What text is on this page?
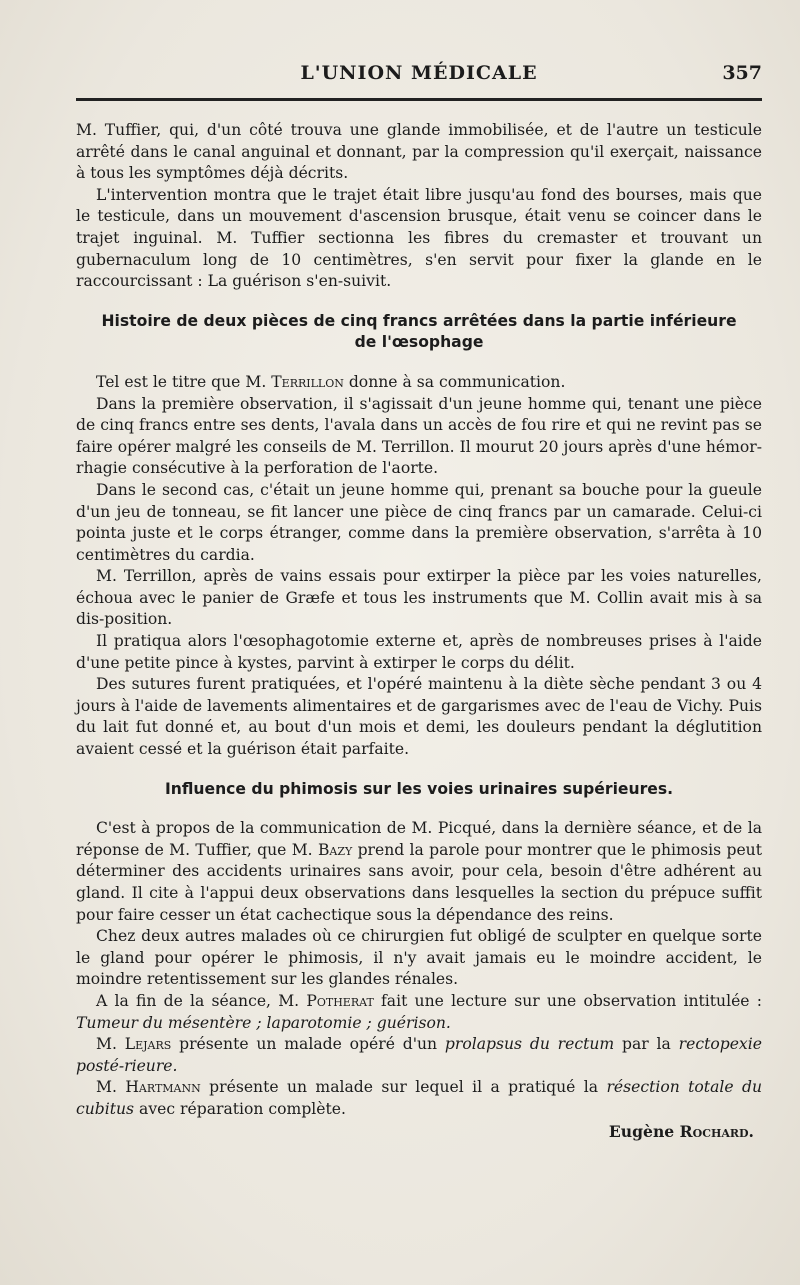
L'UNION MÉDICALE	357

M. Tuffier, qui, d'un côté trouva une glande immobilisée, et de l'autre un testicule arrêté dans le canal anguinal et donnant, par la compression qu'il exerçait, naissance à tous les symptômes déjà décrits.

L'intervention montra que le trajet était libre jusqu'au fond des bourses, mais que le testicule, dans un mouvement d'ascension brusque, était venu se coincer dans le trajet inguinal. M. Tuffier sectionna les fibres du cremaster et trouvant un gubernaculum long de 10 centimètres, s'en servit pour fixer la glande en le raccourcissant : La guérison s'en-suivit.

Histoire de deux pièces de cinq francs arrêtées dans la partie inférieure
de l'œsophage

Tel est le titre que M. Terrillon donne à sa communication.

Dans la première observation, il s'agissait d'un jeune homme qui, tenant une pièce de cinq francs entre ses dents, l'avala dans un accès de fou rire et qui ne revint pas se faire opérer malgré les conseils de M. Terrillon. Il mourut 20 jours après d'une hémor-rhagie consécutive à la perforation de l'aorte.

Dans le second cas, c'était un jeune homme qui, prenant sa bouche pour la gueule d'un jeu de tonneau, se fit lancer une pièce de cinq francs par un camarade. Celui-ci pointa juste et le corps étranger, comme dans la première observation, s'arrêta à 10 centimètres du cardia.

M. Terrillon, après de vains essais pour extirper la pièce par les voies naturelles, échoua avec le panier de Græfe et tous les instruments que M. Collin avait mis à sa dis-position.

Il pratiqua alors l'œsophagotomie externe et, après de nombreuses prises à l'aide d'une petite pince à kystes, parvint à extirper le corps du délit.

Des sutures furent pratiquées, et l'opéré maintenu à la diète sèche pendant 3 ou 4 jours à l'aide de lavements alimentaires et de gargarismes avec de l'eau de Vichy. Puis du lait fut donné et, au bout d'un mois et demi, les douleurs pendant la déglutition avaient cessé et la guérison était parfaite.

Influence du phimosis sur les voies urinaires supérieures.

C'est à propos de la communication de M. Picqué, dans la dernière séance, et de la réponse de M. Tuffier, que M. Bazy prend la parole pour montrer que le phimosis peut déterminer des accidents urinaires sans avoir, pour cela, besoin d'être adhérent au gland. Il cite à l'appui deux observations dans lesquelles la section du prépuce suffit pour faire cesser un état cachectique sous la dépendance des reins.

Chez deux autres malades où ce chirurgien fut obligé de sculpter en quelque sorte le gland pour opérer le phimosis, il n'y avait jamais eu le moindre accident, le moindre retentissement sur les glandes rénales.

A la fin de la séance, M. Potherat fait une lecture sur une observation intitulée : Tumeur du mésentère ; laparotomie ; guérison.

M. Lejars présente un malade opéré d'un prolapsus du rectum par la rectopexie posté-rieure.

M. Hartmann présente un malade sur lequel il a pratiqué la résection totale du cubitus avec réparation complète.

Eugène Rochard.
